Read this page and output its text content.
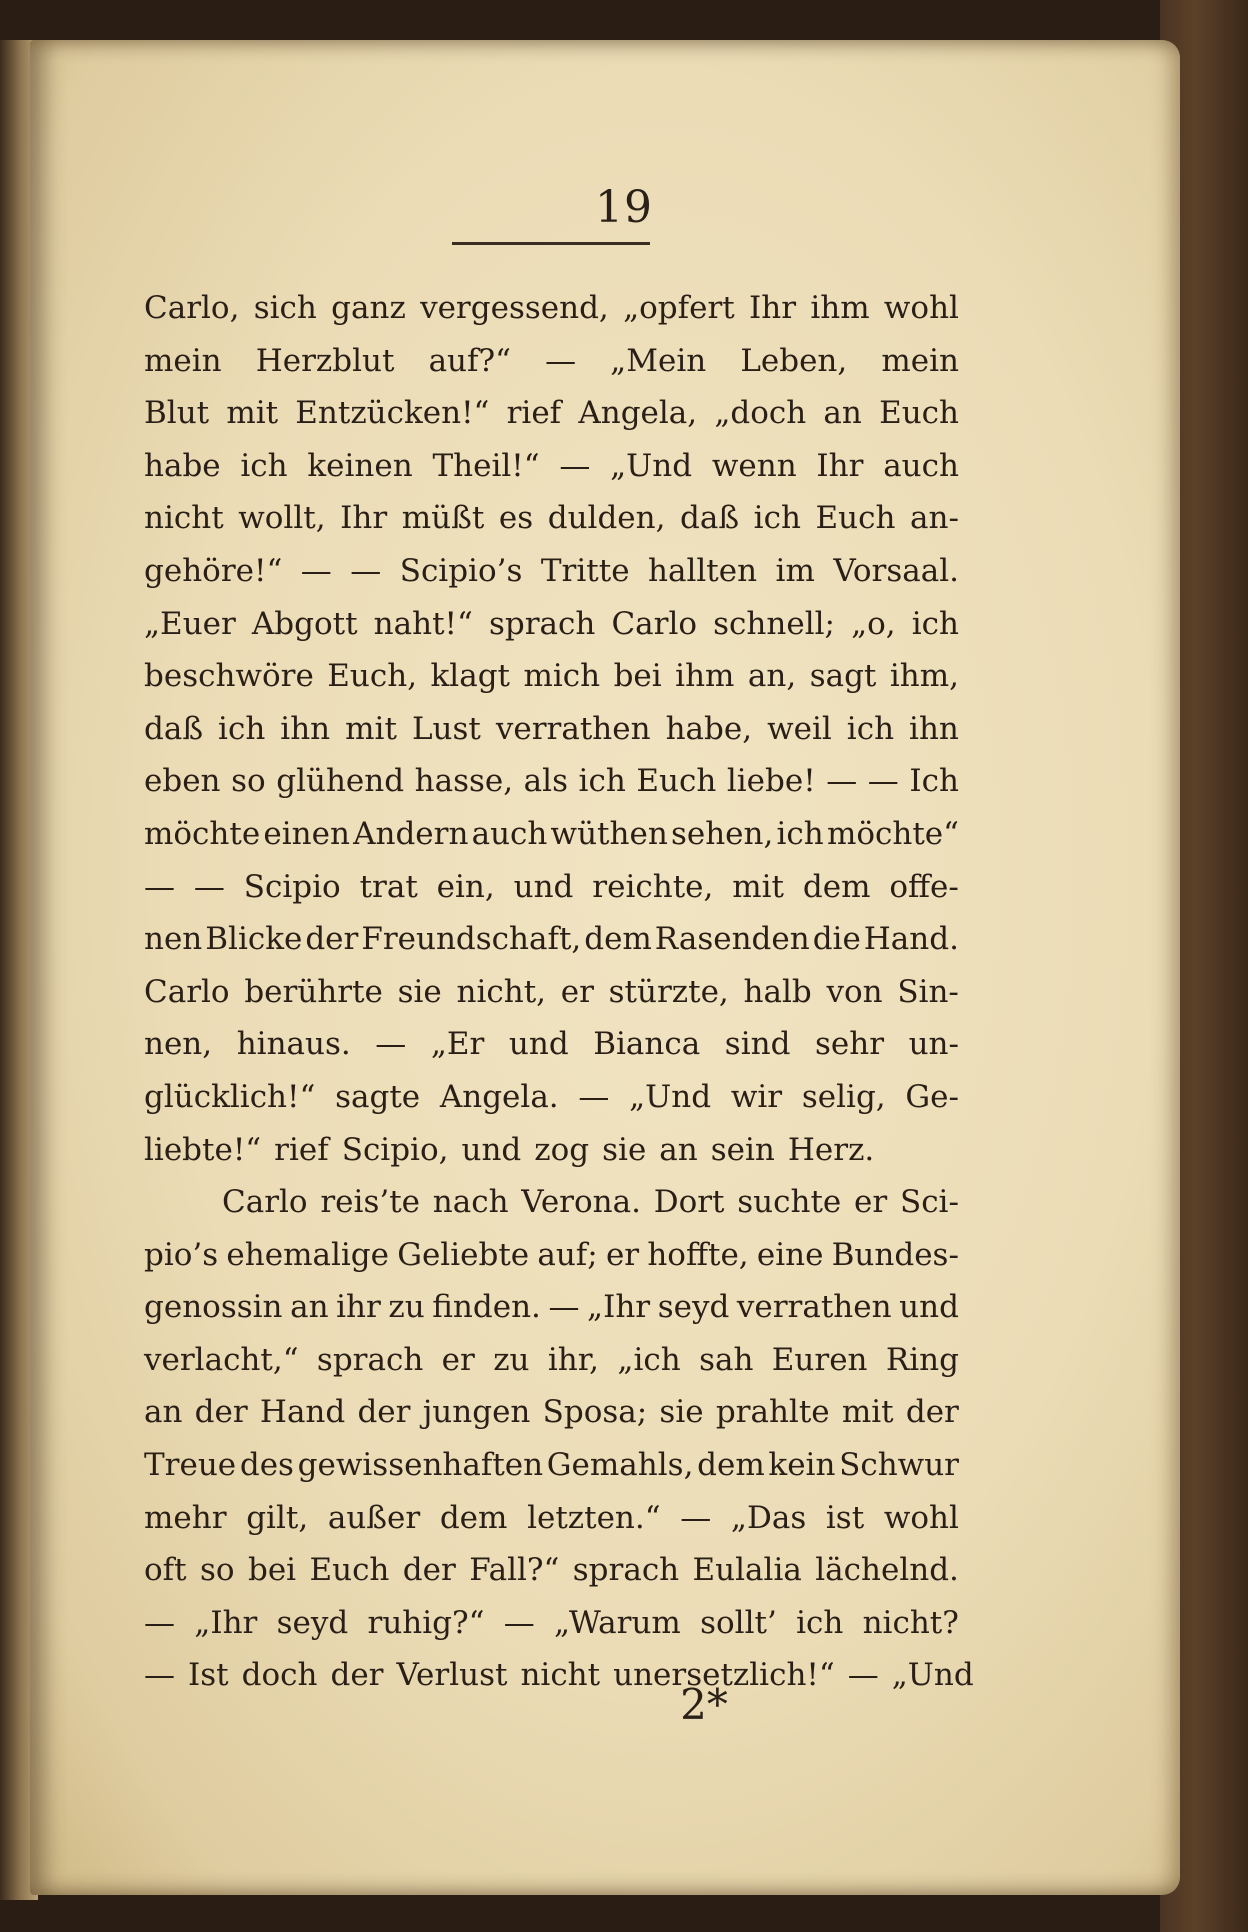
19
Carlo, sich ganz vergessend, „opfert Ihr ihm wohl
mein Herzblut auf?“ — „Mein Leben, mein
Blut mit Entzücken!“ rief Angela, „doch an Euch
habe ich keinen Theil!“ — „Und wenn Ihr auch
nicht wollt, Ihr müßt es dulden, daß ich Euch an-
gehöre!“ — — Scipio’s Tritte hallten im Vorsaal.
„Euer Abgott naht!“ sprach Carlo schnell; „o, ich
beschwöre Euch, klagt mich bei ihm an, sagt ihm,
daß ich ihn mit Lust verrathen habe, weil ich ihn
eben so glühend hasse, als ich Euch liebe! — — Ich
möchte einen Andern auch wüthen sehen, ich möchte“
— — Scipio trat ein, und reichte, mit dem offe-
nen Blicke der Freundschaft, dem Rasenden die Hand.
Carlo berührte sie nicht, er stürzte, halb von Sin-
nen, hinaus. — „Er und Bianca sind sehr un-
glücklich!“ sagte Angela. — „Und wir selig, Ge-
liebte!“ rief Scipio, und zog sie an sein Herz.
Carlo reis’te nach Verona. Dort suchte er Sci-
pio’s ehemalige Geliebte auf; er hoffte, eine Bundes-
genossin an ihr zu finden. — „Ihr seyd verrathen und
verlacht,“ sprach er zu ihr, „ich sah Euren Ring
an der Hand der jungen Sposa; sie prahlte mit der
Treue des gewissenhaften Gemahls, dem kein Schwur
mehr gilt, außer dem letzten.“ — „Das ist wohl
oft so bei Euch der Fall?“ sprach Eulalia lächelnd.
— „Ihr seyd ruhig?“ — „Warum sollt’ ich nicht?
— Ist doch der Verlust nicht unersetzlich!“ — „Und
2*
